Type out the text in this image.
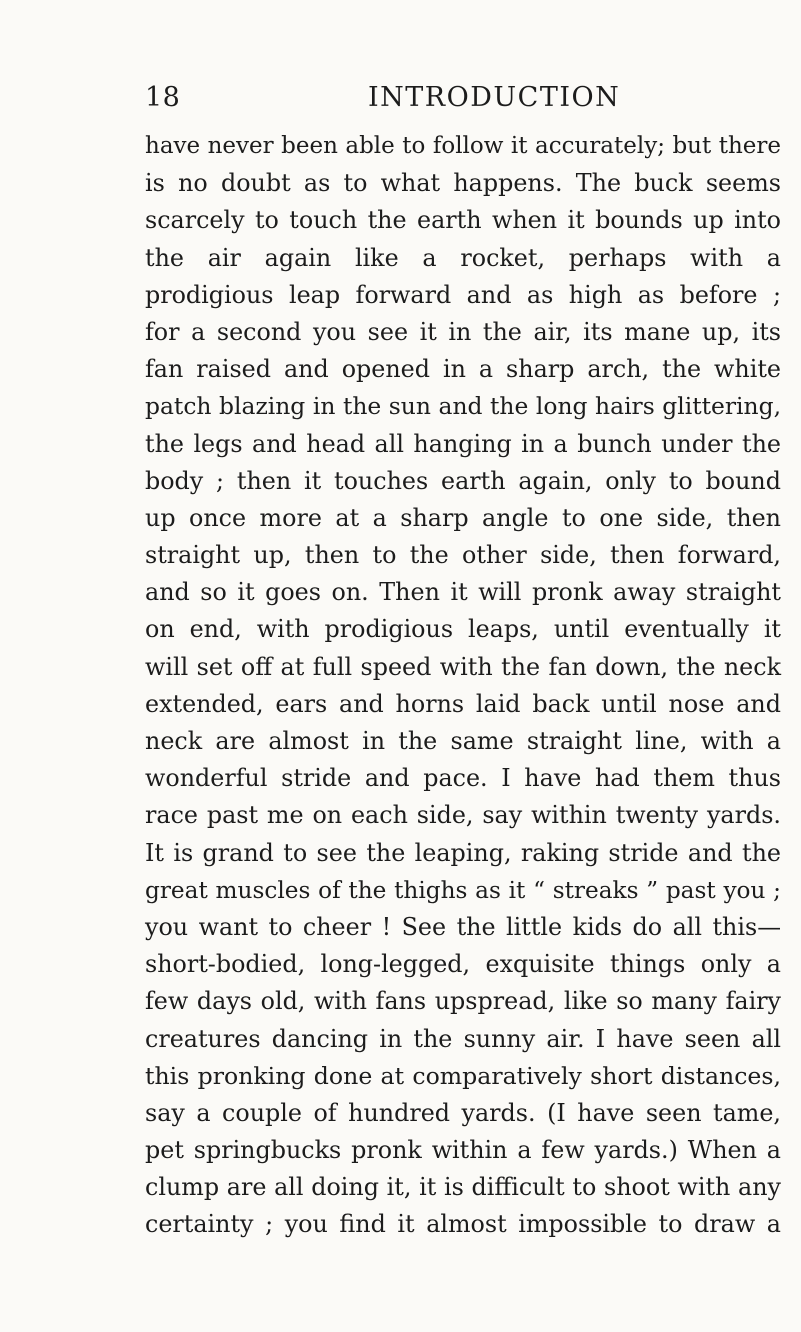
18	INTRODUCTION
have never been able to follow it accurately; but there
is no doubt as to what happens. The buck seems
scarcely to touch the earth when it bounds up into
the air again like a rocket, perhaps with a
prodigious leap forward and as high as before ;
for a second you see it in the air, its mane up, its
fan raised and opened in a sharp arch, the white
patch blazing in the sun and the long hairs glittering,
the legs and head all hanging in a bunch under the
body ; then it touches earth again, only to bound
up once more at a sharp angle to one side, then
straight up, then to the other side, then forward,
and so it goes on. Then it will pronk away straight
on end, with prodigious leaps, until eventually it
will set off at full speed with the fan down, the neck
extended, ears and horns laid back until nose and
neck are almost in the same straight line, with a
wonderful stride and pace. I have had them thus
race past me on each side, say within twenty yards.
It is grand to see the leaping, raking stride and the
great muscles of the thighs as it “ streaks ” past you ;
you want to cheer ! See the little kids do all this—
short-bodied, long-legged, exquisite things only a
few days old, with fans upspread, like so many fairy
creatures dancing in the sunny air. I have seen all
this pronking done at comparatively short distances,
say a couple of hundred yards. (I have seen tame,
pet springbucks pronk within a few yards.) When a
clump are all doing it, it is difficult to shoot with any
certainty ; you find it almost impossible to draw a
